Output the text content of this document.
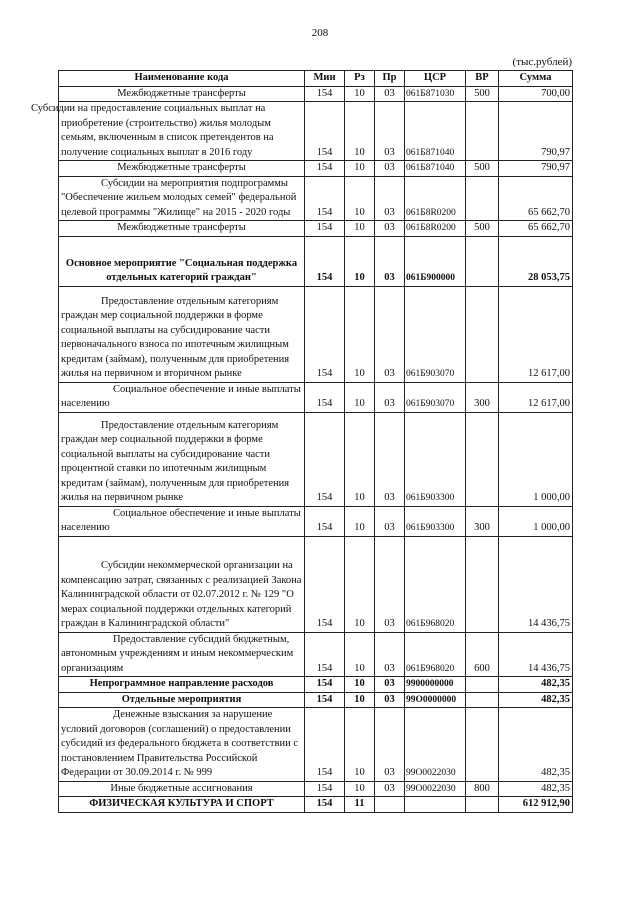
208
(тыс.рублей)
Наименование кода	Мин	Рз	Пр	ЦСР	ВР	Сумма
Межбюджетные трансферты	154	10	03	061Б871030	500	700,00
Субсидии на предоставление социальных выплат на приобретение (строительство) жилья молодым семьям, включенным в список претендентов на получение социальных выплат в 2016 году	154	10	03	061Б871040		790,97
Межбюджетные трансферты	154	10	03	061Б871040	500	790,97
Субсидии на мероприятия подпрограммы "Обеспечение жильем молодых семей" федеральной целевой программы "Жилище" на 2015 - 2020 годы	154	10	03	061Б8R0200		65 662,70
Межбюджетные трансферты	154	10	03	061Б8R0200	500	65 662,70
Основное мероприятие "Социальная поддержка отдельных категорий граждан"	154	10	03	061Б900000		28 053,75
Предоставление отдельным категориям граждан мер социальной поддержки в форме социальной выплаты на субсидирование части первоначального взноса по ипотечным жилищным кредитам (займам), полученным для приобретения жилья на первичном и вторичном рынке	154	10	03	061Б903070		12 617,00
Социальное обеспечение и иные выплаты населению	154	10	03	061Б903070	300	12 617,00
Предоставление отдельным категориям граждан мер социальной поддержки в форме социальной выплаты на субсидирование части процентной ставки по ипотечным жилищным кредитам (займам), полученным для приобретения жилья на первичном рынке	154	10	03	061Б903300		1 000,00
Социальное обеспечение и иные выплаты населению	154	10	03	061Б903300	300	1 000,00
Субсидии некоммерческой организации на компенсацию затрат, связанных с реализацией Закона Калининградской области от 02.07.2012 г. № 129 "О мерах социальной поддержки отдельных категорий граждан в Калининградской области"	154	10	03	061Б968020		14 436,75
Предоставление субсидий бюджетным, автономным учреждениям и иным некоммерческим организациям	154	10	03	061Б968020	600	14 436,75
Непрограммное направление расходов	154	10	03	9900000000		482,35
Отдельные мероприятия	154	10	03	99О0000000		482,35
Денежные взыскания за нарушение условий договоров (соглашений) о предоставлении субсидий из федерального бюджета в соответствии с постановлением Правительства Российской Федерации от 30.09.2014 г. № 999	154	10	03	99О0022030		482,35
Иные бюджетные ассигнования	154	10	03	99О0022030	800	482,35
ФИЗИЧЕСКАЯ КУЛЬТУРА И СПОРТ	154	11				612 912,90
